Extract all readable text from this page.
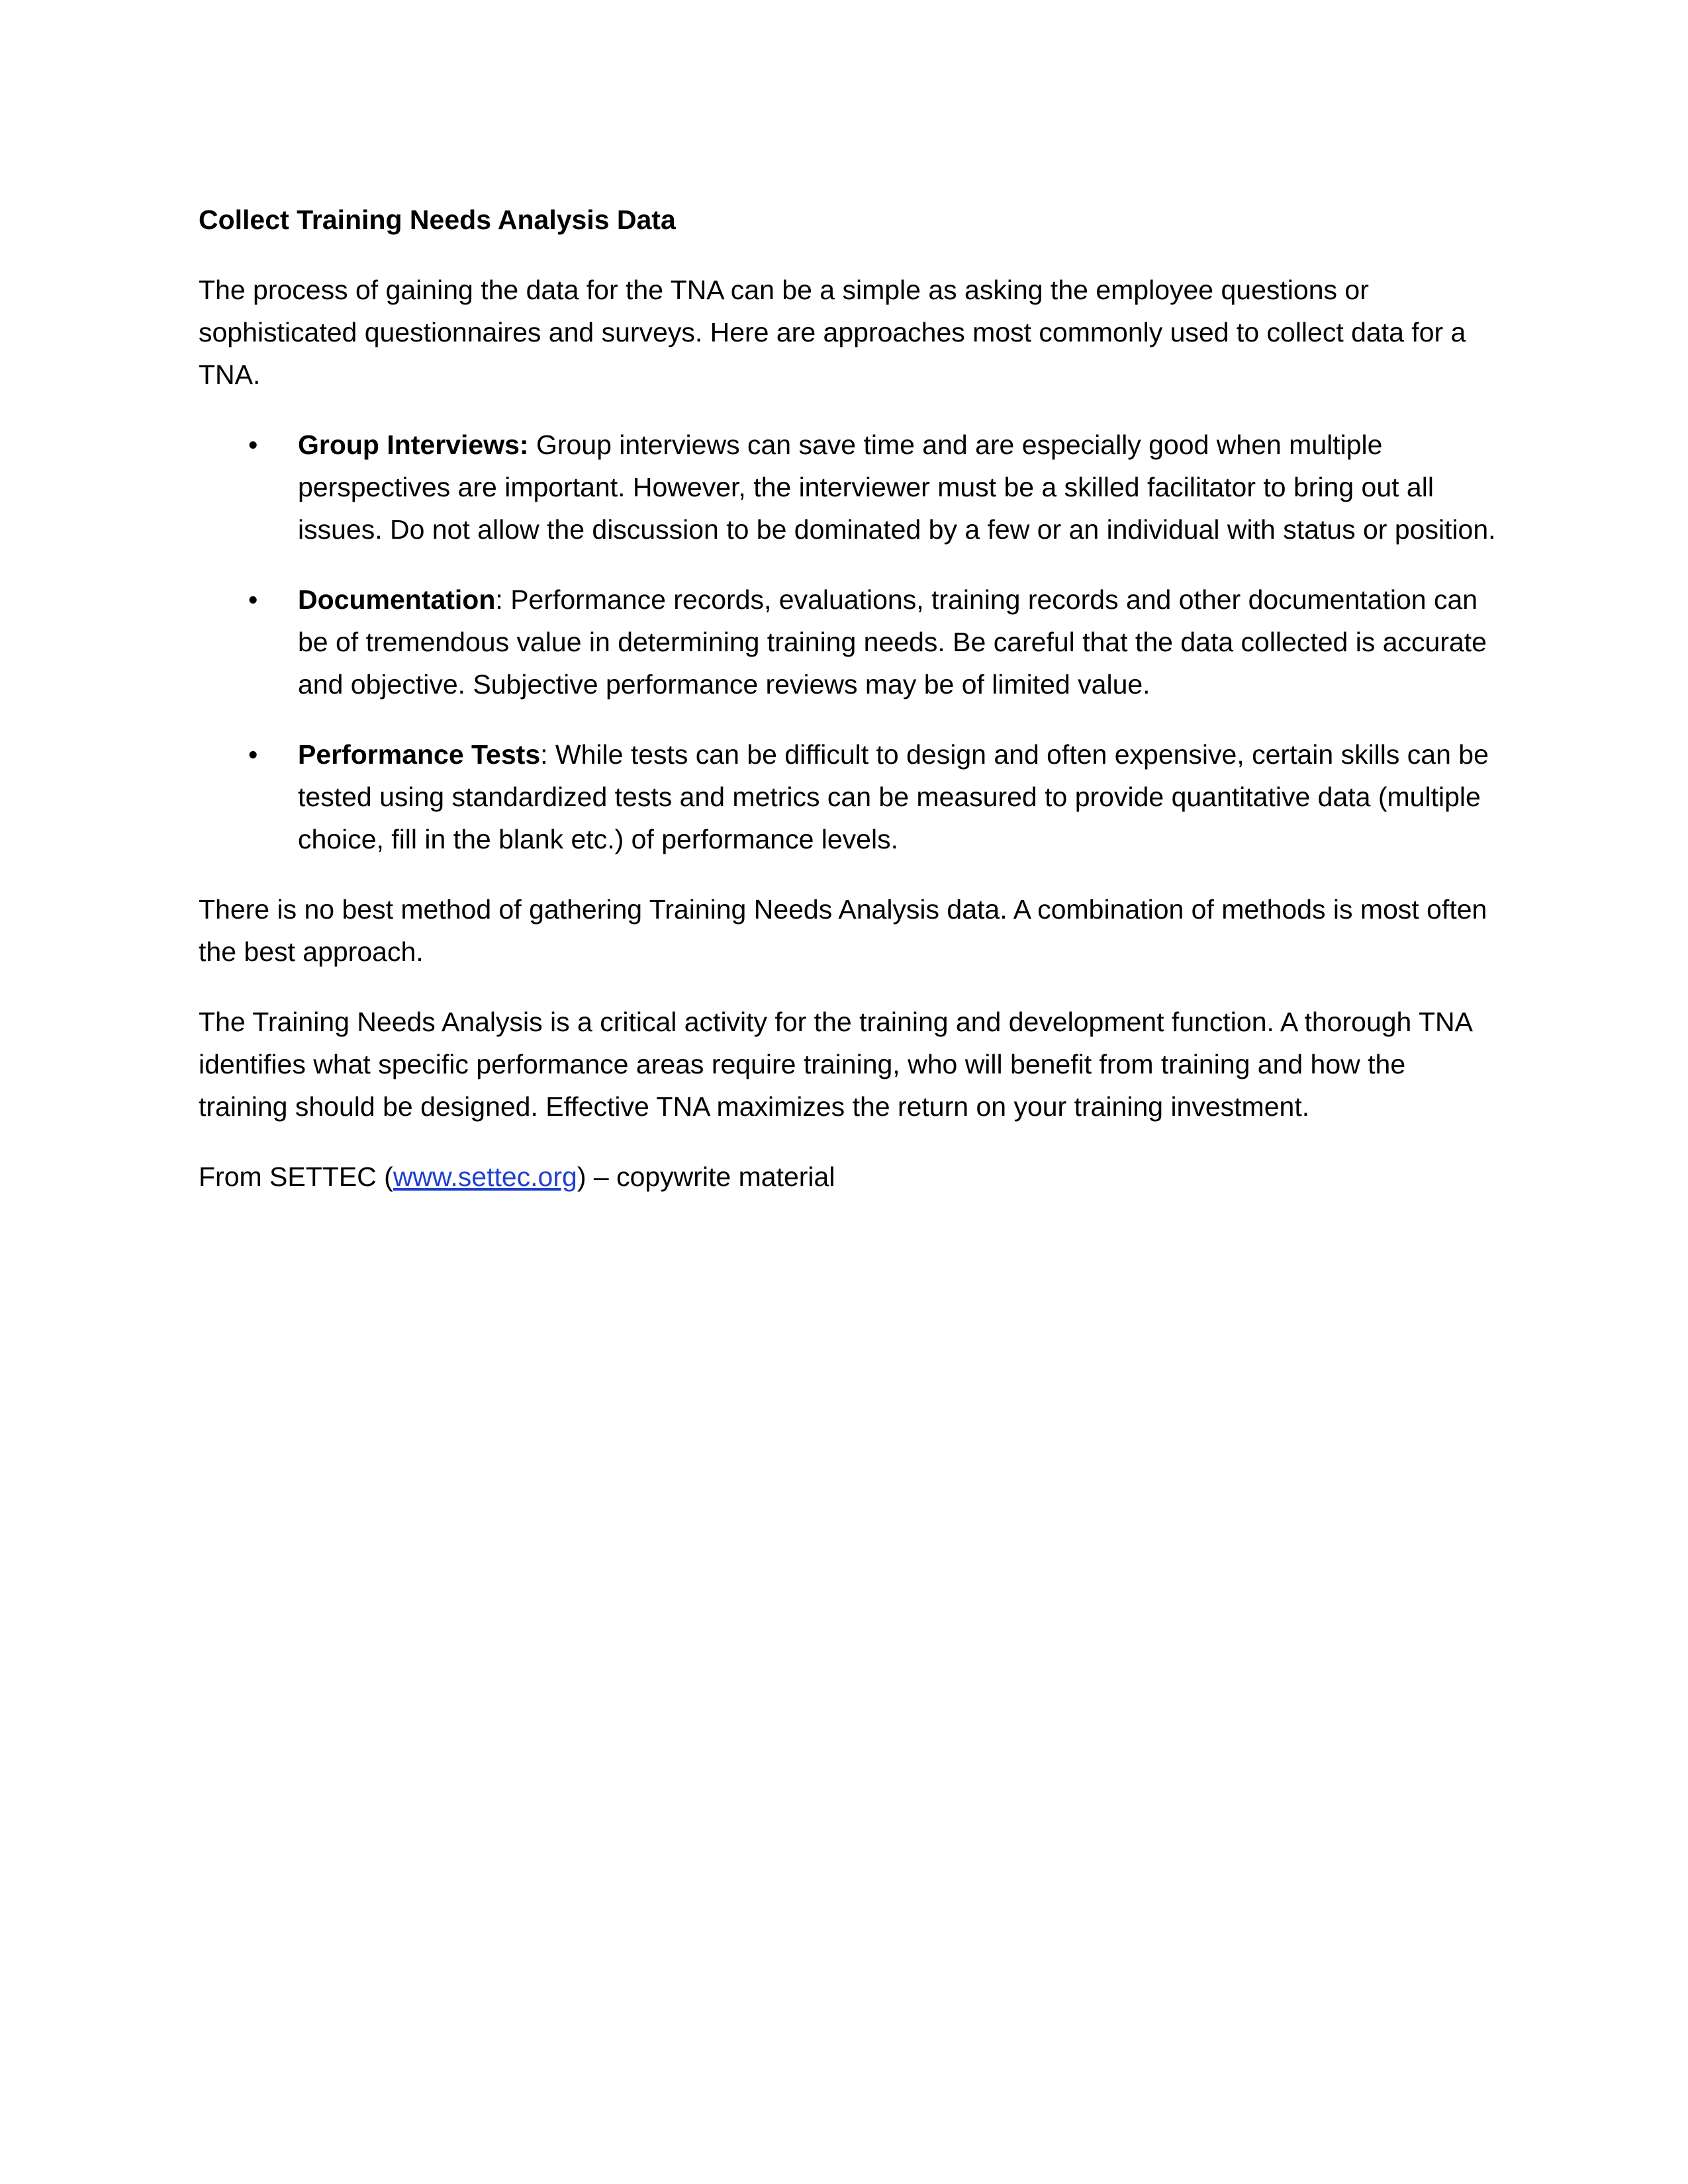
Collect Training Needs Analysis Data

The process of gaining the data for the TNA can be a simple as asking the employee questions or sophisticated questionnaires and surveys. Here are approaches most commonly used to collect data for a TNA.

• Group Interviews: Group interviews can save time and are especially good when multiple perspectives are important. However, the interviewer must be a skilled facilitator to bring out all issues. Do not allow the discussion to be dominated by a few or an individual with status or position.
• Documentation: Performance records, evaluations, training records and other documentation can be of tremendous value in determining training needs. Be careful that the data collected is accurate and objective. Subjective performance reviews may be of limited value.
• Performance Tests: While tests can be difficult to design and often expensive, certain skills can be tested using standardized tests and metrics can be measured to provide quantitative data (multiple choice, fill in the blank etc.) of performance levels.

There is no best method of gathering Training Needs Analysis data. A combination of methods is most often the best approach.

The Training Needs Analysis is a critical activity for the training and development function. A thorough TNA identifies what specific performance areas require training, who will benefit from training and how the training should be designed. Effective TNA maximizes the return on your training investment.

From SETTEC (www.settec.org) – copywrite material
